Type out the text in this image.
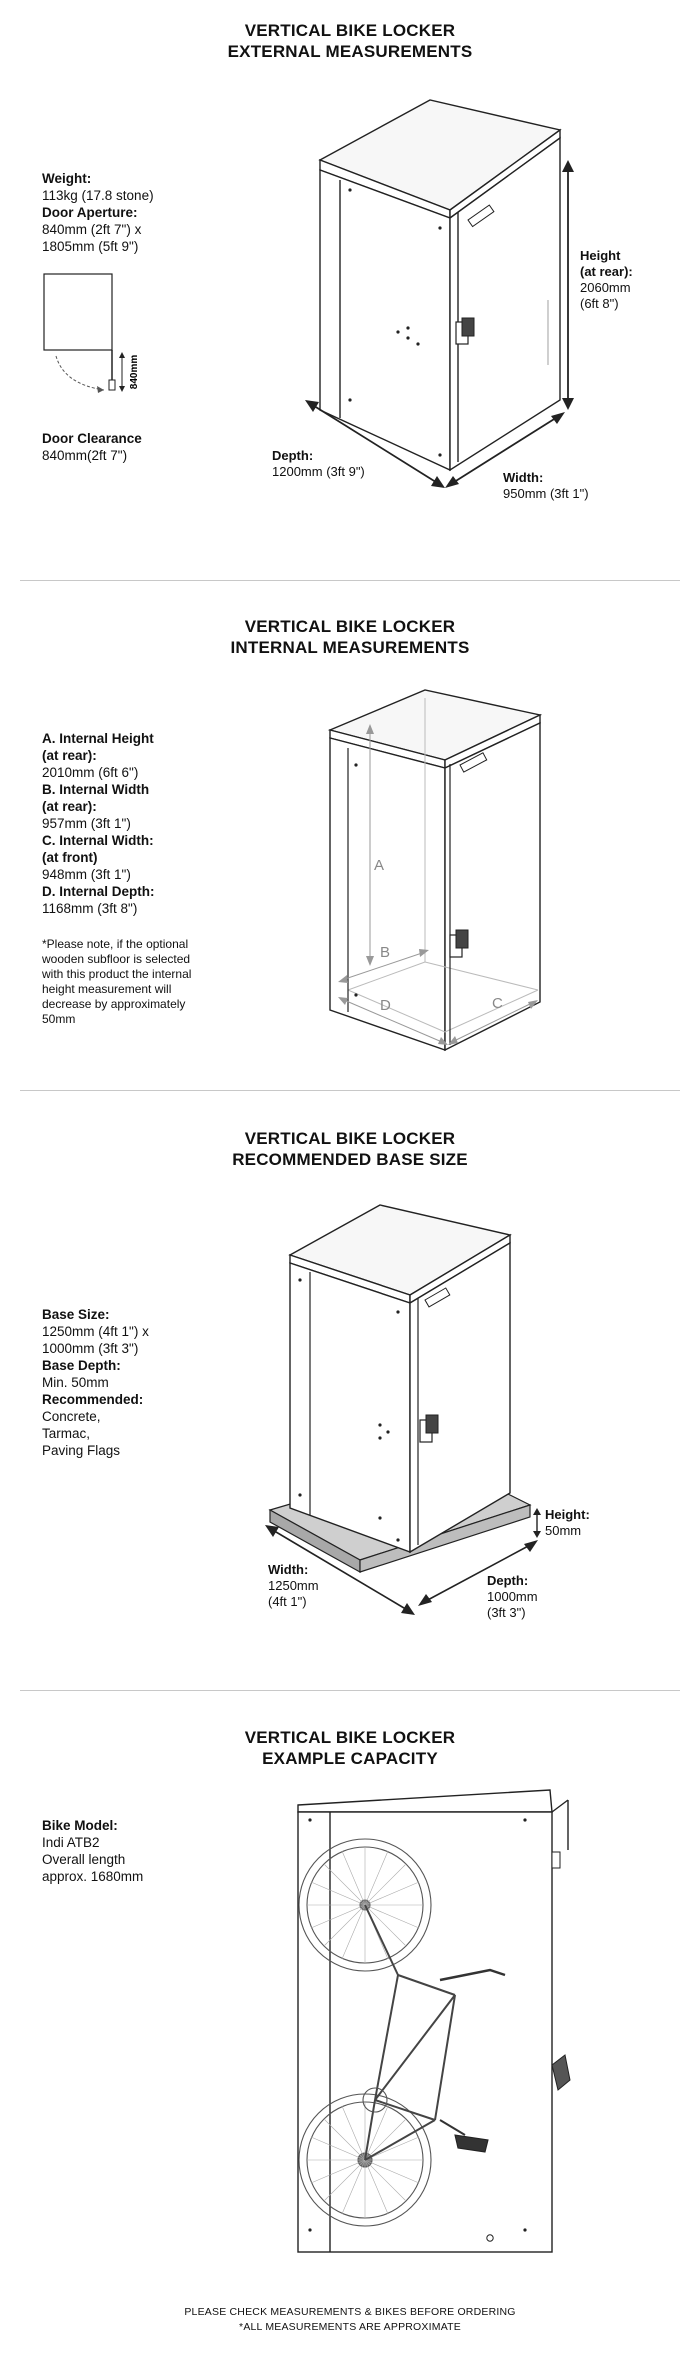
VERTICAL BIKE LOCKER
EXTERNAL MEASUREMENTS
Weight:
113kg (17.8 stone)
Door Aperture:
840mm (2ft 7") x
1805mm (5ft 9")
840mm
Door Clearance
840mm(2ft 7")
Height
(at rear):
2060mm
(6ft 8")
Depth:
1200mm (3ft 9")	Width:
950mm (3ft 1")
VERTICAL BIKE LOCKER
INTERNAL MEASUREMENTS
A. Internal Height
(at rear):
2010mm (6ft 6")
B. Internal Width
(at rear):
957mm (3ft 1")
C. Internal Width:
(at front)
948mm (3ft 1")
D. Internal Depth:
1168mm (3ft 8")
*Please note, if the optional
wooden subfloor is selected
with this product the internal
height measurement will
decrease by approximately
50mm
A
B
D	C
VERTICAL BIKE LOCKER
RECOMMENDED BASE SIZE
Base Size:
1250mm (4ft 1") x
1000mm (3ft 3")
Base Depth:
Min. 50mm
Recommended:
Concrete,
Tarmac,
Paving Flags
Height:
50mm
Width:
1250mm
(4ft 1")
Depth:
1000mm
(3ft 3")
VERTICAL BIKE LOCKER
EXAMPLE CAPACITY
Bike Model:
Indi ATB2
Overall length
approx. 1680mm
PLEASE CHECK MEASUREMENTS & BIKES BEFORE ORDERING
*ALL MEASUREMENTS ARE APPROXIMATE
